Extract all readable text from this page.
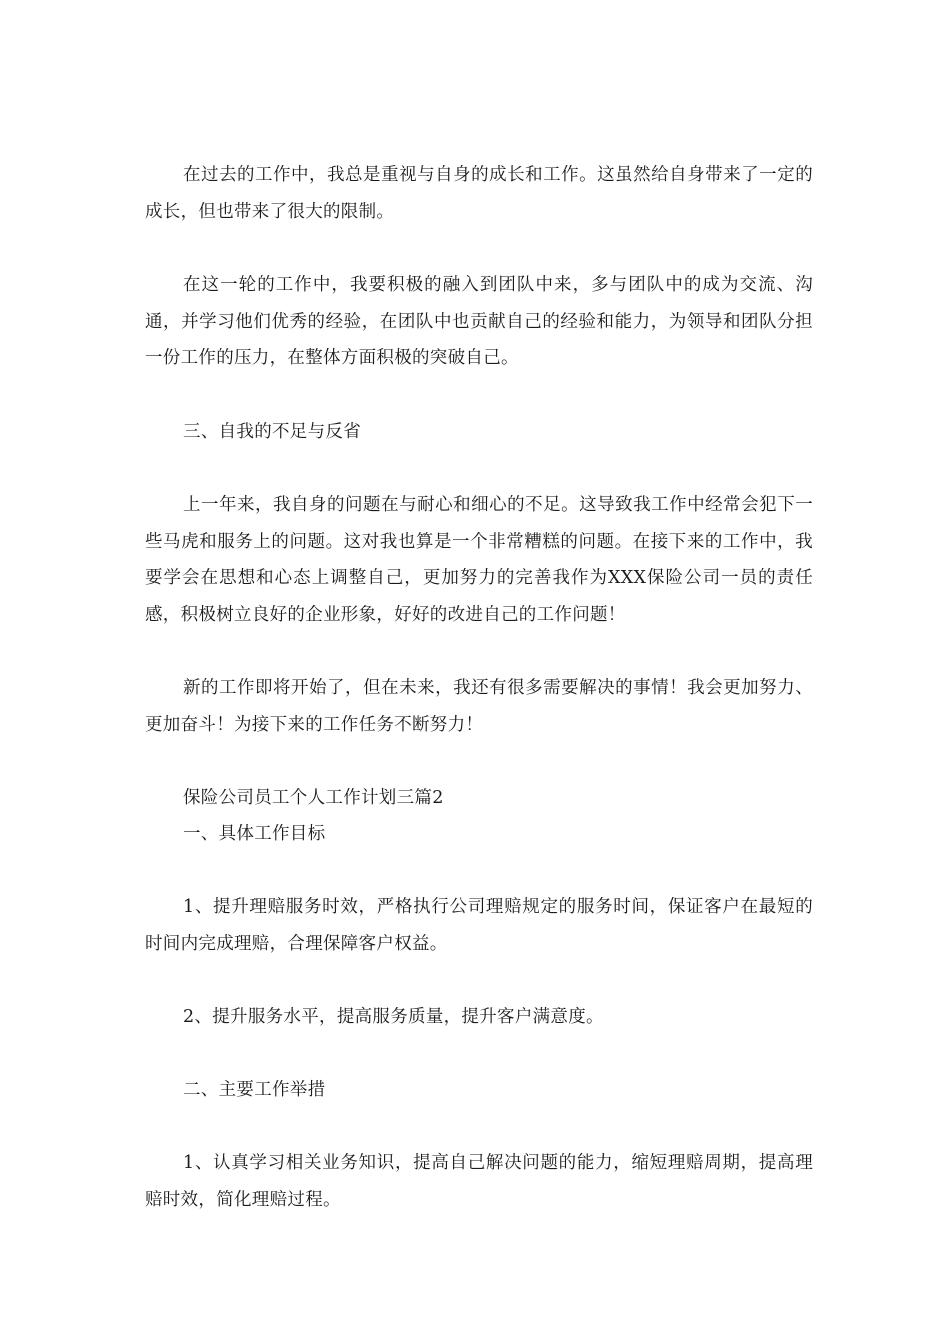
在过去的工作中，我总是重视与自身的成长和工作。这虽然给自身带来了一定的成长，但也带来了很大的限制。

在这一轮的工作中，我要积极的融入到团队中来，多与团队中的成为交流、沟通，并学习他们优秀的经验，在团队中也贡献自己的经验和能力，为领导和团队分担一份工作的压力，在整体方面积极的突破自己。

三、自我的不足与反省

上一年来，我自身的问题在与耐心和细心的不足。这导致我工作中经常会犯下一些马虎和服务上的问题。这对我也算是一个非常糟糕的问题。在接下来的工作中，我要学会在思想和心态上调整自己，更加努力的完善我作为XXX保险公司一员的责任感，积极树立良好的企业形象，好好的改进自己的工作问题！

新的工作即将开始了，但在未来，我还有很多需要解决的事情！我会更加努力、更加奋斗！为接下来的工作任务不断努力！

保险公司员工个人工作计划三篇2

一、具体工作目标

1、提升理赔服务时效，严格执行公司理赔规定的服务时间，保证客户在最短的时间内完成理赔，合理保障客户权益。

2、提升服务水平，提高服务质量，提升客户满意度。

二、主要工作举措

1、认真学习相关业务知识，提高自己解决问题的能力，缩短理赔周期，提高理赔时效，简化理赔过程。
